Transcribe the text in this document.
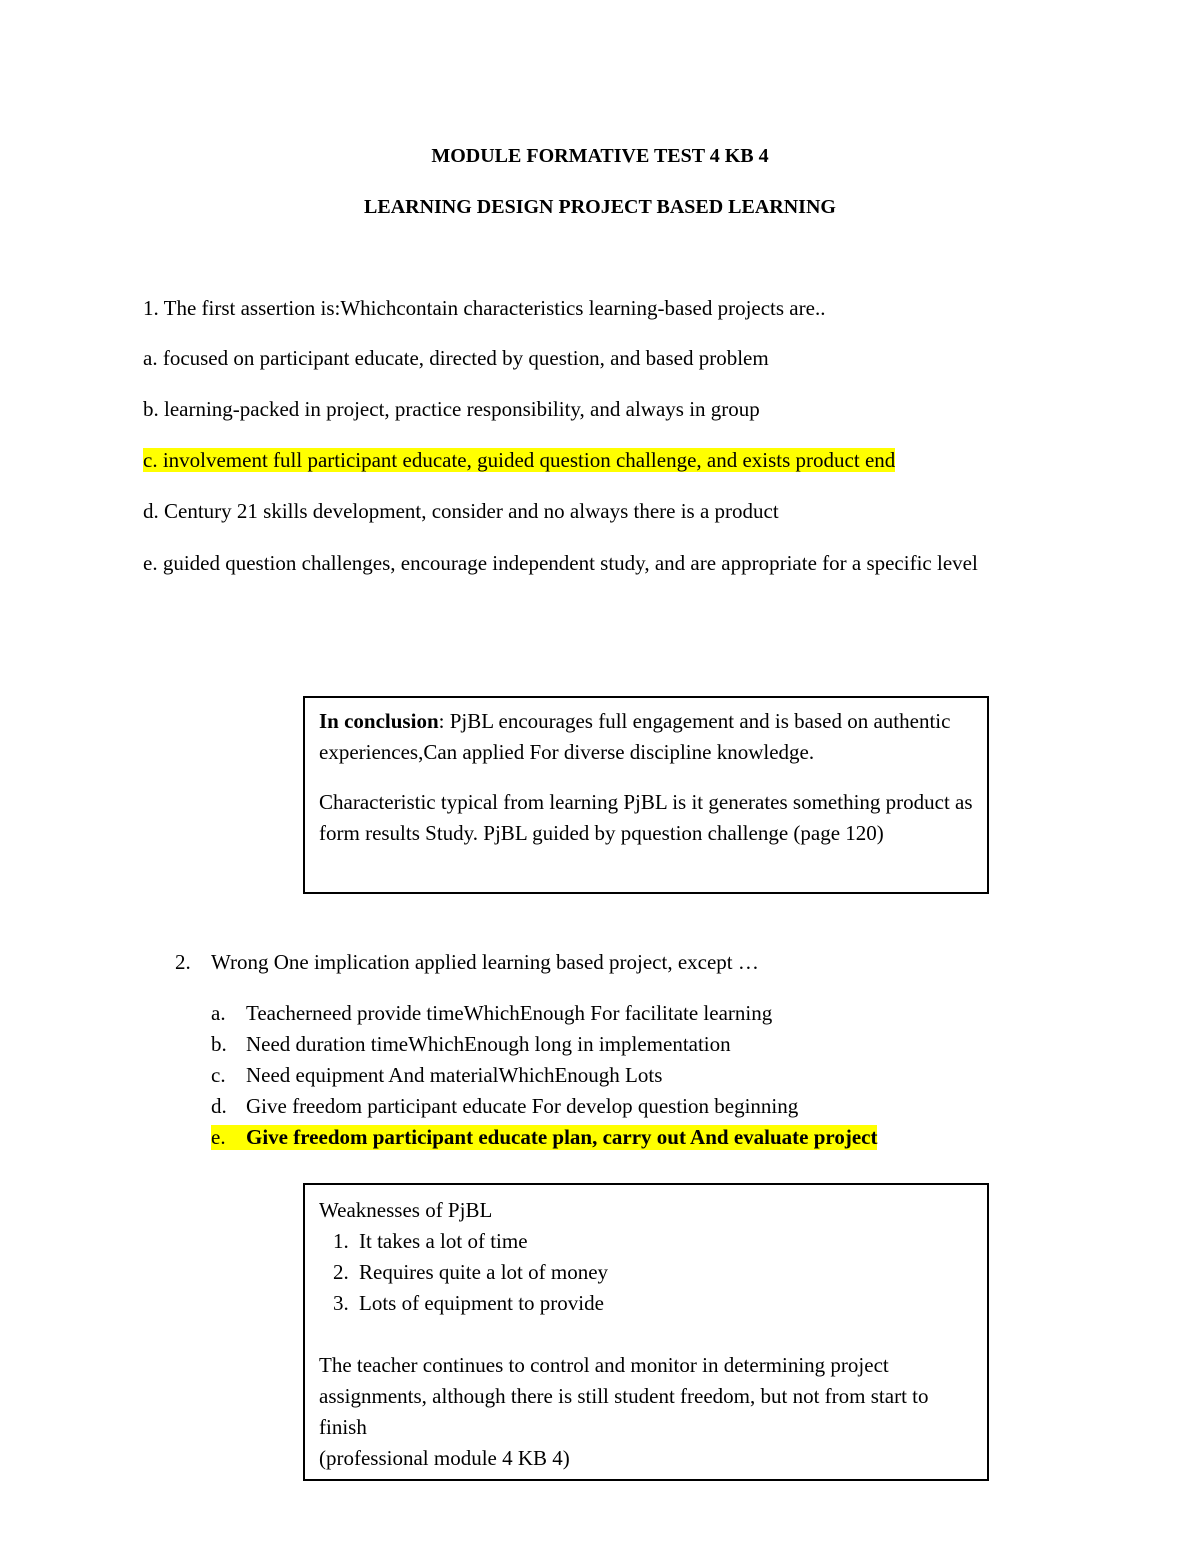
MODULE FORMATIVE TEST 4 KB 4
LEARNING DESIGN PROJECT BASED LEARNING
1. The first assertion is:Whichcontain characteristics learning-based projects are..
a. focused on participant educate, directed by question, and based problem
b. learning-packed in project, practice responsibility, and always in group
c. involvement full participant educate, guided question challenge, and exists product end
d. Century 21 skills development, consider and no always there is a product
e. guided question challenges, encourage independent study, and are appropriate for a specific level

In conclusion: PjBL encourages full engagement and is based on authentic experiences,Can applied For diverse discipline knowledge.

Characteristic typical from learning PjBL is it generates something product as form results Study. PjBL guided by pquestion challenge (page 120)

2. Wrong One implication applied learning based project, except …
a. Teacherneed provide timeWhichEnough For facilitate learning
b. Need duration timeWhichEnough long in implementation
c. Need equipment And materialWhichEnough Lots
d. Give freedom participant educate For develop question beginning
e. Give freedom participant educate plan, carry out And evaluate project

Weaknesses of PjBL

1. It takes a lot of time

2. Requires quite a lot of money

3. Lots of equipment to provide

The teacher continues to control and monitor in determining project assignments, although there is still student freedom, but not from start to finish

(professional module 4 KB 4)
